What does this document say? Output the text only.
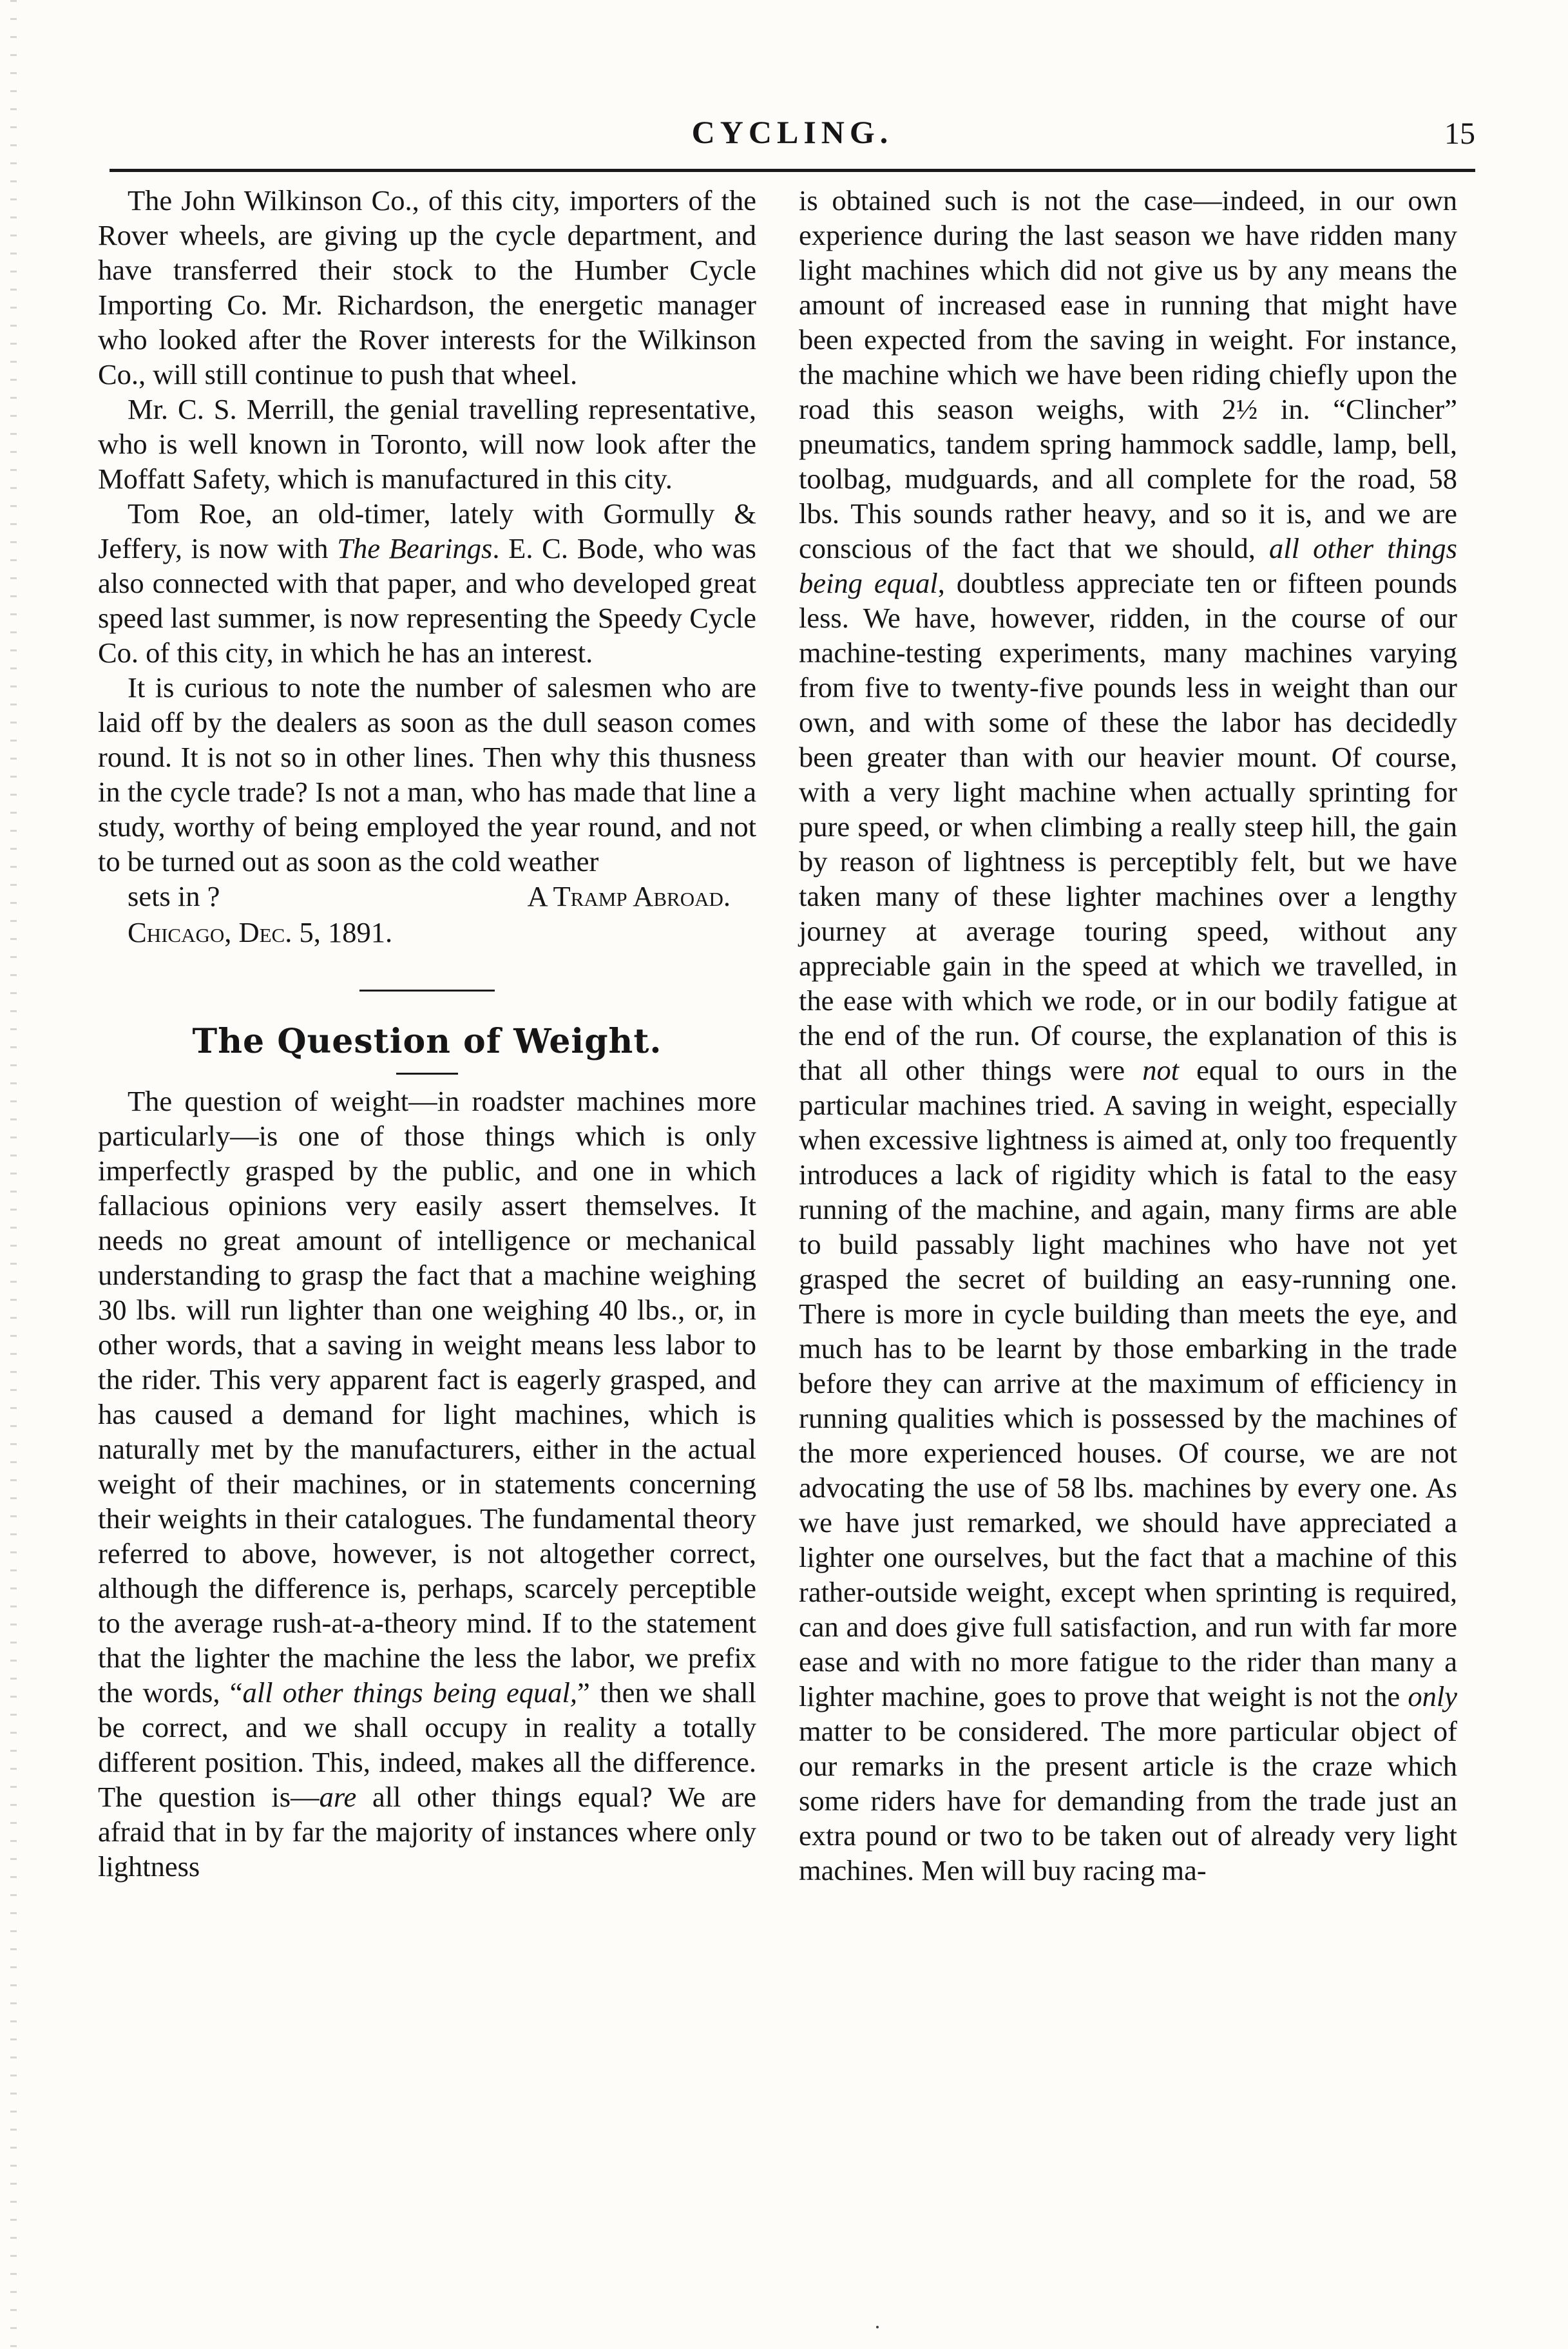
CYCLING.	15

The John Wilkinson Co., of this city, importers of the Rover wheels, are giving up the cycle department, and have transferred their stock to the Humber Cycle Importing Co. Mr. Richardson, the energetic manager who looked after the Rover interests for the Wilkinson Co., will still continue to push that wheel.

Mr. C. S. Merrill, the genial travelling representative, who is well known in Toronto, will now look after the Moffatt Safety, which is manufactured in this city.

Tom Roe, an old-timer, lately with Gormully & Jeffery, is now with The Bearings. E. C. Bode, who was also connected with that paper, and who developed great speed last summer, is now representing the Speedy Cycle Co. of this city, in which he has an interest.

It is curious to note the number of salesmen who are laid off by the dealers as soon as the dull season comes round. It is not so in other lines. Then why this thusness in the cycle trade? Is not a man, who has made that line a study, worthy of being employed the year round, and not to be turned out as soon as the cold weather

sets in ?	A Tramp Abroad.

Chicago, Dec. 5, 1891.

The Question of Weight.

The question of weight—in roadster machines more particularly—is one of those things which is only imperfectly grasped by the public, and one in which fallacious opinions very easily assert themselves. It needs no great amount of intelligence or mechanical understanding to grasp the fact that a machine weighing 30 lbs. will run lighter than one weighing 40 lbs., or, in other words, that a saving in weight means less labor to the rider. This very apparent fact is eagerly grasped, and has caused a demand for light machines, which is naturally met by the manufacturers, either in the actual weight of their machines, or in statements concerning their weights in their catalogues. The fundamental theory referred to above, however, is not altogether correct, although the difference is, perhaps, scarcely perceptible to the average rush-at-a-theory mind. If to the statement that the lighter the machine the less the labor, we prefix the words, “all other things being equal,” then we shall be correct, and we shall occupy in reality a totally different position. This, indeed, makes all the difference. The question is—are all other things equal? We are afraid that in by far the majority of instances where only lightness

is obtained such is not the case—indeed, in our own experience during the last season we have ridden many light machines which did not give us by any means the amount of increased ease in running that might have been expected from the saving in weight. For instance, the machine which we have been riding chiefly upon the road this season weighs, with 2½ in. “Clincher” pneumatics, tandem spring hammock saddle, lamp, bell, toolbag, mudguards, and all complete for the road, 58 lbs. This sounds rather heavy, and so it is, and we are conscious of the fact that we should, all other things being equal, doubtless appreciate ten or fifteen pounds less. We have, however, ridden, in the course of our machine-testing experiments, many machines varying from five to twenty-five pounds less in weight than our own, and with some of these the labor has decidedly been greater than with our heavier mount. Of course, with a very light machine when actually sprinting for pure speed, or when climbing a really steep hill, the gain by reason of lightness is perceptibly felt, but we have taken many of these lighter machines over a lengthy journey at average touring speed, without any appreciable gain in the speed at which we travelled, in the ease with which we rode, or in our bodily fatigue at the end of the run. Of course, the explanation of this is that all other things were not equal to ours in the particular machines tried. A saving in weight, especially when excessive lightness is aimed at, only too frequently introduces a lack of rigidity which is fatal to the easy running of the machine, and again, many firms are able to build passably light machines who have not yet grasped the secret of building an easy-running one. There is more in cycle building than meets the eye, and much has to be learnt by those embarking in the trade before they can arrive at the maximum of efficiency in running qualities which is possessed by the machines of the more experienced houses. Of course, we are not advocating the use of 58 lbs. machines by every one. As we have just remarked, we should have appreciated a lighter one ourselves, but the fact that a machine of this rather-outside weight, except when sprinting is required, can and does give full satisfaction, and run with far more ease and with no more fatigue to the rider than many a lighter machine, goes to prove that weight is not the only matter to be considered. The more particular object of our remarks in the present article is the craze which some riders have for demanding from the trade just an extra pound or two to be taken out of already very light machines. Men will buy racing ma-
